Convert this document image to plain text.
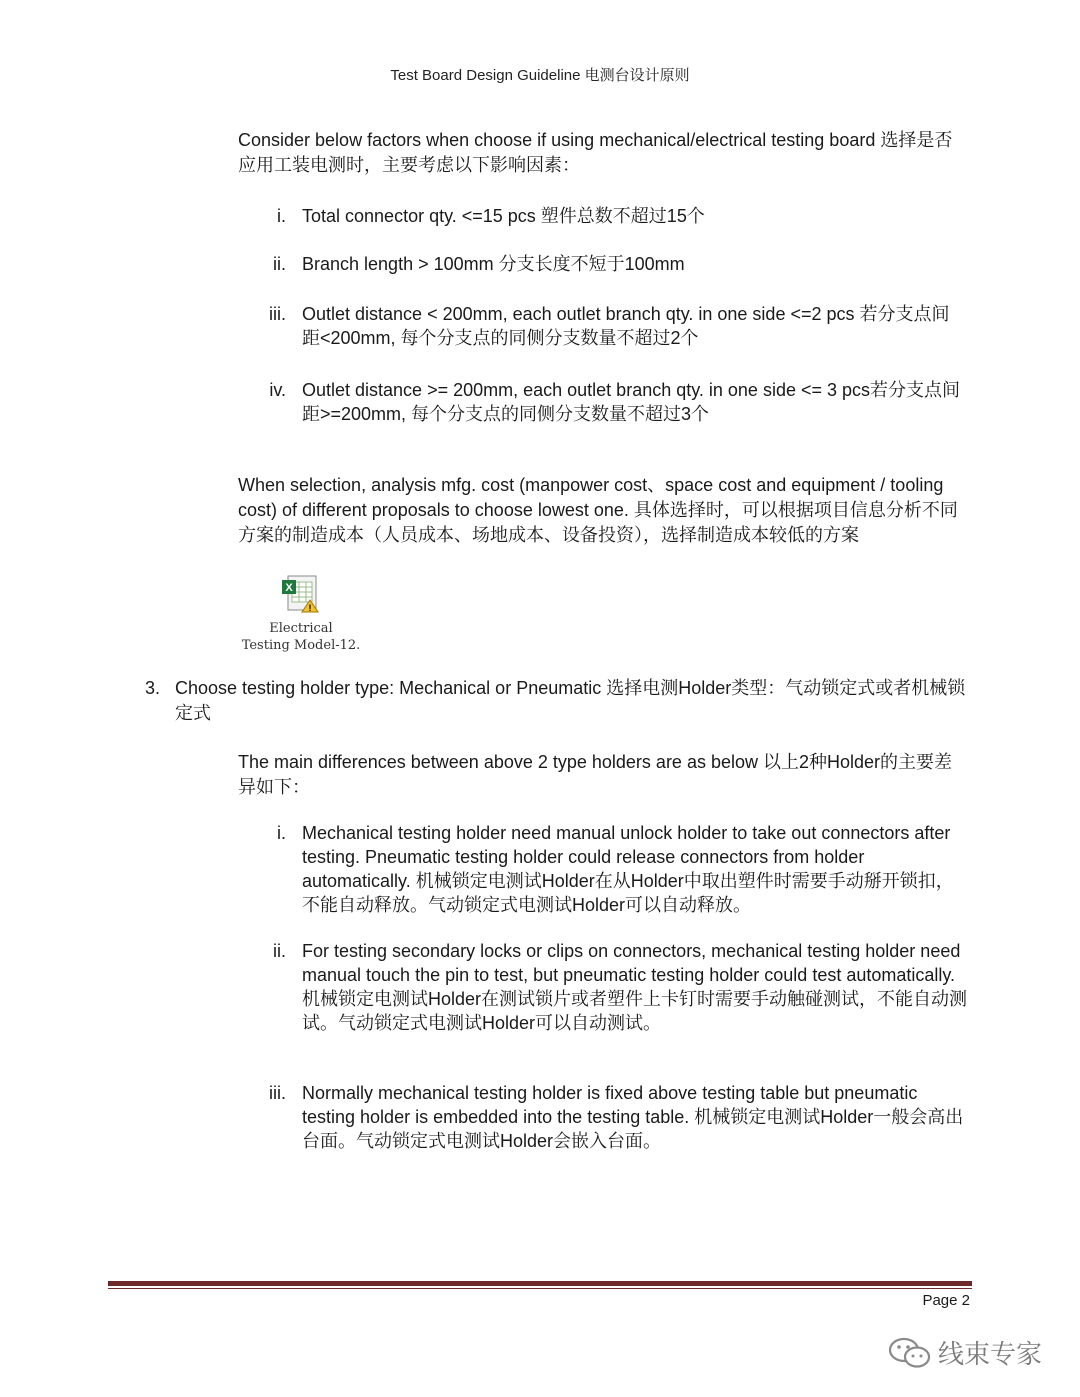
Test Board Design Guideline 电测台设计原则
Consider below factors when choose if using mechanical/electrical testing board 选择是否应用工装电测时，主要考虑以下影响因素：
i. Total connector qty. <=15 pcs 塑件总数不超过15个
ii. Branch length > 100mm 分支长度不短于100mm
iii. Outlet distance < 200mm, each outlet branch qty. in one side <=2 pcs 若分支点间距<200mm, 每个分支点的同侧分支数量不超过2个
iv. Outlet distance >= 200mm, each outlet branch qty. in one side <= 3 pcs若分支点间距>=200mm, 每个分支点的同侧分支数量不超过3个
When selection, analysis mfg. cost (manpower cost、space cost and equipment / tooling cost) of different proposals to choose lowest one. 具体选择时，可以根据项目信息分析不同方案的制造成本（人员成本、场地成本、设备投资），选择制造成本较低的方案
X
!
Electrical
Testing Model-12.
3. Choose testing holder type: Mechanical or Pneumatic 选择电测Holder类型：气动锁定式或者机械锁定式
The main differences between above 2 type holders are as below 以上2种Holder的主要差异如下：
i. Mechanical testing holder need manual unlock holder to take out connectors after testing. Pneumatic testing holder could release connectors from holder automatically. 机械锁定电测试Holder在从Holder中取出塑件时需要手动掰开锁扣，不能自动释放。气动锁定式电测试Holder可以自动释放。
ii. For testing secondary locks or clips on connectors, mechanical testing holder need manual touch the pin to test, but pneumatic testing holder could test automatically. 机械锁定电测试Holder在测试锁片或者塑件上卡钉时需要手动触碰测试，不能自动测试。气动锁定式电测试Holder可以自动测试。
iii. Normally mechanical testing holder is fixed above testing table but pneumatic testing holder is embedded into the testing table. 机械锁定电测试Holder一般会高出台面。气动锁定式电测试Holder会嵌入台面。
Page 2
线束专家
